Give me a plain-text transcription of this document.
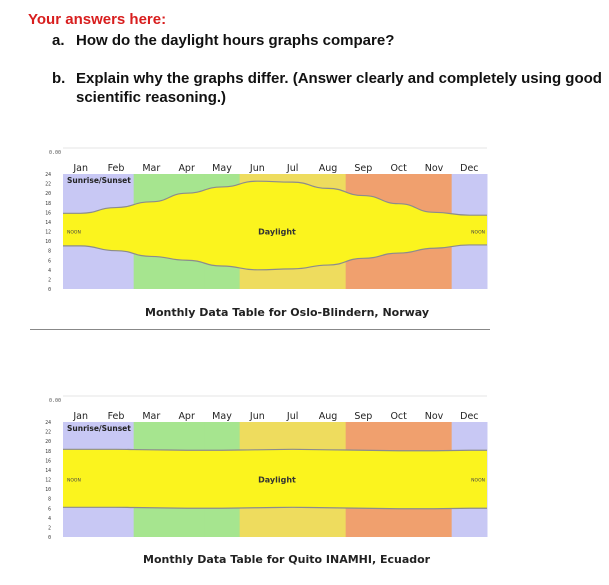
Your answers here:
a. How do the daylight hours graphs compare?
b. Explain why the graphs differ. (Answer clearly and completely using good
scientific reasoning.)
0.00
Jan Feb Mar Apr May Jun Jul Aug Sep Oct Nov Dec
24
22
20
18
16
14
12
10
8
6
4
2
0
Sunrise/Sunset
NOON	NOON
Daylight
Monthly Data Table for Oslo-Blindern, Norway
0.00
Jan Feb Mar Apr May Jun Jul Aug Sep Oct Nov Dec
24
22
20
18
16
14
12
10
8
6
4
2
0
Sunrise/Sunset
NOON	NOON
Daylight
Monthly Data Table for Quito INAMHI, Ecuador
